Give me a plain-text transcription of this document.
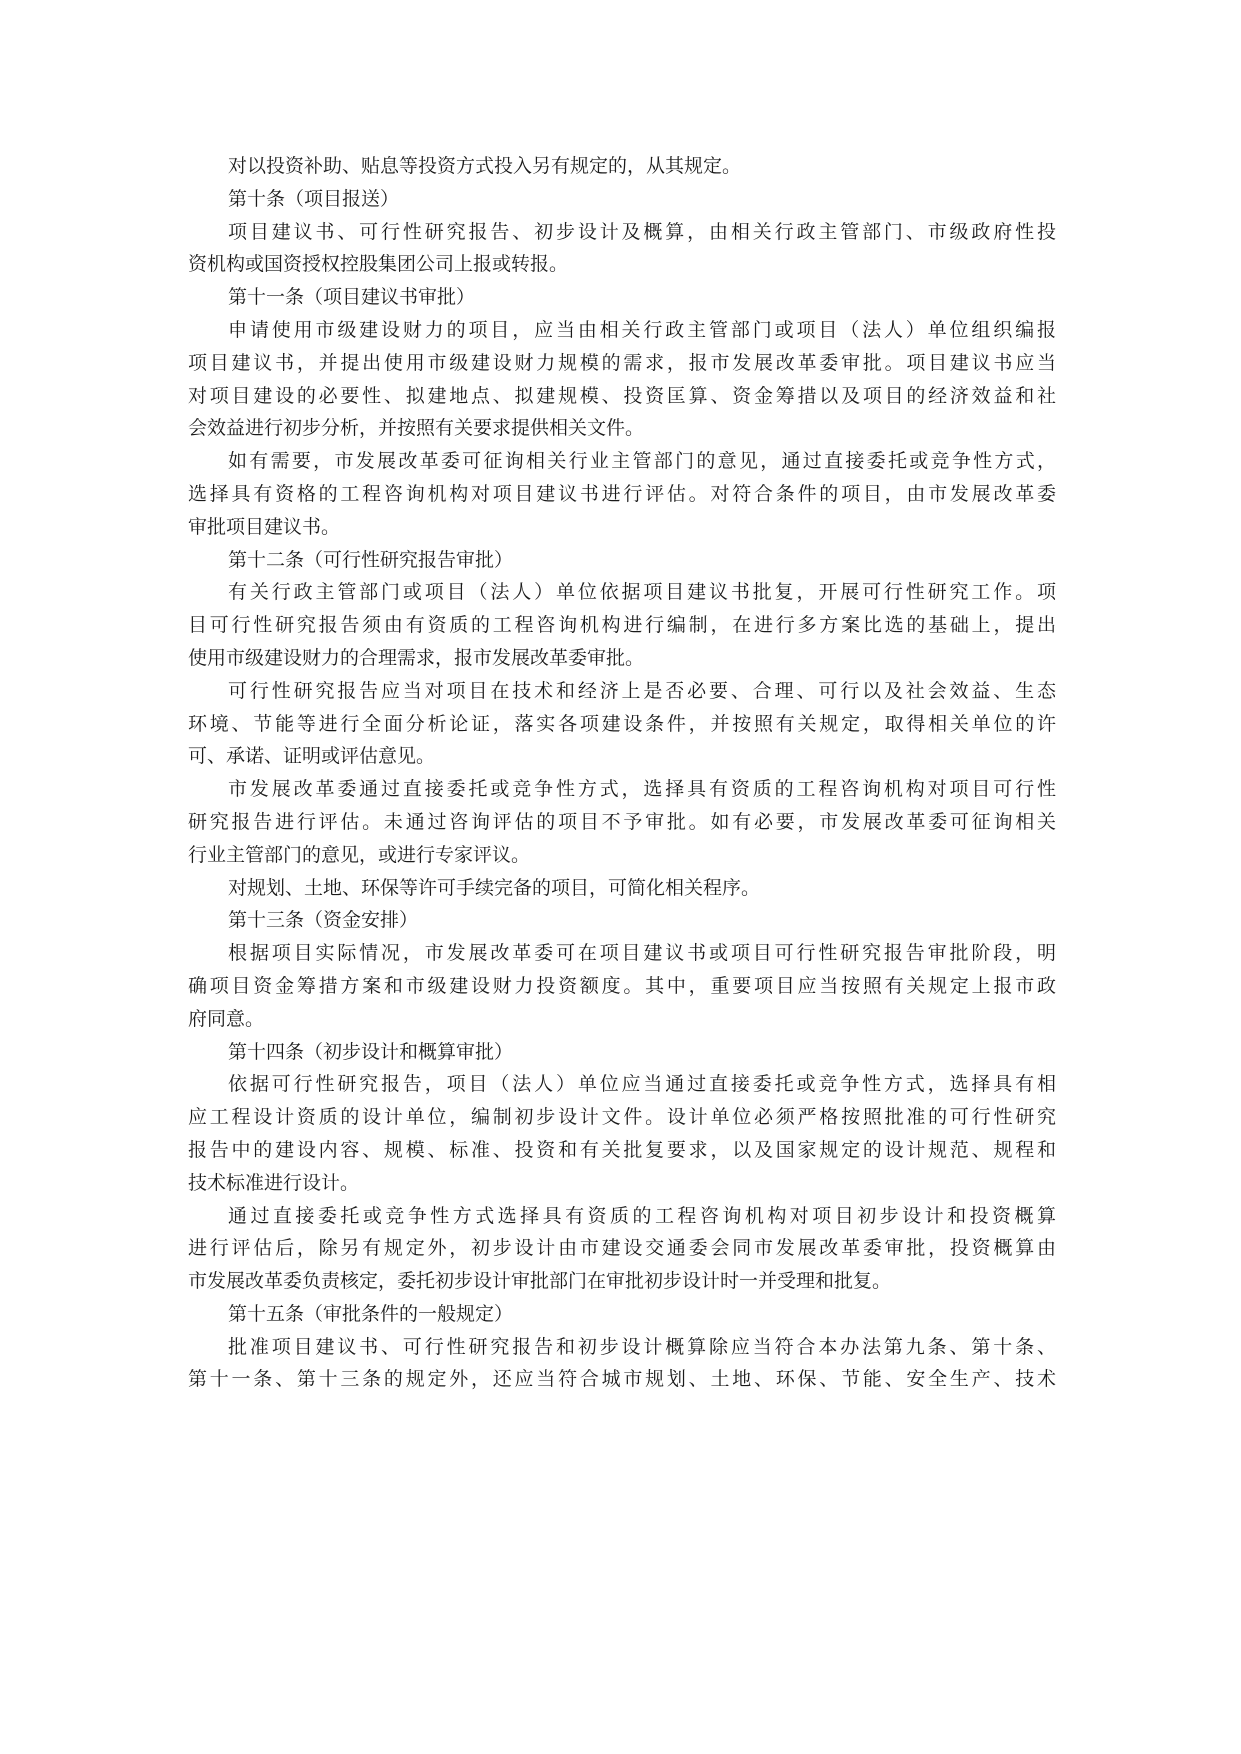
对以投资补助、贴息等投资方式投入另有规定的，从其规定。

第十条（项目报送）

项目建议书、可行性研究报告、初步设计及概算，由相关行政主管部门、市级政府性投

资机构或国资授权控股集团公司上报或转报。

第十一条（项目建议书审批）

申请使用市级建设财力的项目，应当由相关行政主管部门或项目（法人）单位组织编报

项目建议书，并提出使用市级建设财力规模的需求，报市发展改革委审批。项目建议书应当

对项目建设的必要性、拟建地点、拟建规模、投资匡算、资金筹措以及项目的经济效益和社

会效益进行初步分析，并按照有关要求提供相关文件。

如有需要，市发展改革委可征询相关行业主管部门的意见，通过直接委托或竞争性方式，

选择具有资格的工程咨询机构对项目建议书进行评估。对符合条件的项目，由市发展改革委

审批项目建议书。

第十二条（可行性研究报告审批）

有关行政主管部门或项目（法人）单位依据项目建议书批复，开展可行性研究工作。项

目可行性研究报告须由有资质的工程咨询机构进行编制，在进行多方案比选的基础上，提出

使用市级建设财力的合理需求，报市发展改革委审批。

可行性研究报告应当对项目在技术和经济上是否必要、合理、可行以及社会效益、生态

环境、节能等进行全面分析论证，落实各项建设条件，并按照有关规定，取得相关单位的许

可、承诺、证明或评估意见。

市发展改革委通过直接委托或竞争性方式，选择具有资质的工程咨询机构对项目可行性

研究报告进行评估。未通过咨询评估的项目不予审批。如有必要，市发展改革委可征询相关

行业主管部门的意见，或进行专家评议。

对规划、土地、环保等许可手续完备的项目，可简化相关程序。

第十三条（资金安排）

根据项目实际情况，市发展改革委可在项目建议书或项目可行性研究报告审批阶段，明

确项目资金筹措方案和市级建设财力投资额度。其中，重要项目应当按照有关规定上报市政

府同意。

第十四条（初步设计和概算审批）

依据可行性研究报告，项目（法人）单位应当通过直接委托或竞争性方式，选择具有相

应工程设计资质的设计单位，编制初步设计文件。设计单位必须严格按照批准的可行性研究

报告中的建设内容、规模、标准、投资和有关批复要求，以及国家规定的设计规范、规程和

技术标准进行设计。

通过直接委托或竞争性方式选择具有资质的工程咨询机构对项目初步设计和投资概算

进行评估后，除另有规定外，初步设计由市建设交通委会同市发展改革委审批，投资概算由

市发展改革委负责核定，委托初步设计审批部门在审批初步设计时一并受理和批复。

第十五条（审批条件的一般规定）

批准项目建议书、可行性研究报告和初步设计概算除应当符合本办法第九条、第十条、

第十一条、第十三条的规定外，还应当符合城市规划、土地、环保、节能、安全生产、技术
